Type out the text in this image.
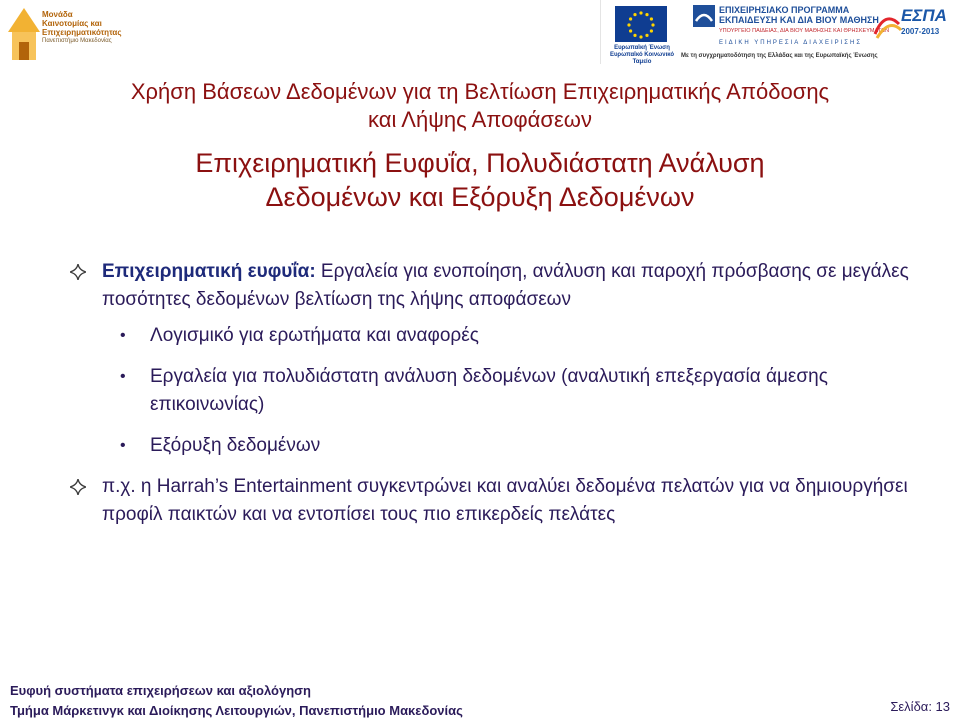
Μονάδα
Καινοτομίας και
Επιχειρηματικότητας
Πανεπιστήμιο Μακεδονίας
Ευρωπαϊκή Ένωση
Ευρωπαϊκό Κοινωνικό Ταμείο
ΕΠΙΧΕΙΡΗΣΙΑΚΟ ΠΡΟΓΡΑΜΜΑ
ΕΚΠΑΙΔΕΥΣΗ ΚΑΙ ΔΙΑ ΒΙΟΥ ΜΑΘΗΣΗ
ΥΠΟΥΡΓΕΙΟ ΠΑΙΔΕΙΑΣ, ΔΙΑ ΒΙΟΥ ΜΑΘΗΣΗΣ ΚΑΙ ΘΡΗΣΚΕΥΜΑΤΩΝ
ΕΙΔΙΚΗ ΥΠΗΡΕΣΙΑ ΔΙΑΧΕΙΡΙΣΗΣ
ΕΣΠΑ
2007-2013
Με τη συγχρηματοδότηση της Ελλάδας και της Ευρωπαϊκής Ένωσης
Χρήση Βάσεων Δεδομένων για τη Βελτίωση Επιχειρηματικής Απόδοσης
και Λήψης Αποφάσεων
Επιχειρηματική Ευφυΐα, Πολυδιάστατη Ανάλυση
Δεδομένων και Εξόρυξη Δεδομένων
Επιχειρηματική ευφυΐα: Εργαλεία για ενοποίηση, ανάλυση και παροχή πρόσβασης σε μεγάλες ποσότητες δεδομένων βελτίωση της λήψης αποφάσεων
• Λογισμικό για ερωτήματα και αναφορές
• Εργαλεία για πολυδιάστατη ανάλυση δεδομένων (αναλυτική επεξεργασία άμεσης επικοινωνίας)
• Εξόρυξη δεδομένων
π.χ. η Harrah’s Entertainment συγκεντρώνει και αναλύει δεδομένα πελατών για να δημιουργήσει προφίλ παικτών και να εντοπίσει τους πιο επικερδείς πελάτες
Ευφυή συστήματα επιχειρήσεων και αξιολόγηση
Τμήμα Μάρκετινγκ και Διοίκησης Λειτουργιών, Πανεπιστήμιο Μακεδονίας	Σελίδα: 13
